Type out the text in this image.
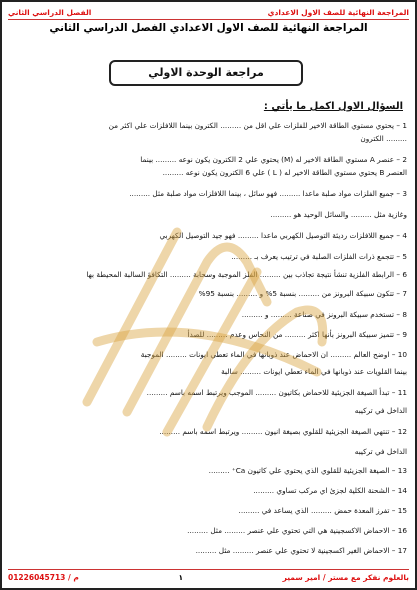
المراجعة النهائية للصف الاول الاعدادي
الفصل الدراسي الثاني
المراجعة النهائية للصف الاول الاعدادي الفصل الدراسي الثاني
مراجعة الوحدة الاولي
السؤال الاول اكمل ما يأتي :
1 – يحتوي مستوي الطاقة الاخير للفلزات علي اقل من ......... الكترون بينما اللافلزات علي اكثر من
......... الكترون
2 – عنصر A مستوي الطاقة الاخير له (M) يحتوي علي 2 الكترون يكون نوعه ......... بينما
العنصر B يحتوي مستوي الطاقة الاخير له ( L ) علي 6 الكترون يكون نوعه .........
3 – جميع الفلزات مواد صلبة ماعدا ......... فهو سائل ، بينما اللافلزات مواد صلبة مثل .........
وغازية مثل ......... والسائل الوحيد هو .........
4 – جميع اللافلزات رديئة التوصيل الكهربي ماعدا ......... فهو جيد التوصيل الكهربي
5 – تتجمع ذرات الفلزات الصلبة في ترتيب يعرف بـ .........
6 – الرابطة الفلزية تنشأ نتيجة تجاذب بين ......... الفلز الموجبة وسحابة ......... التكافؤ السالبة المحيطة بها
7 – تتكون سبيكة البرونز من ......... بنسبة 5% و ......... بنسبة 95%
8 – تستخدم سبيكة البرونز في صناعة ......... و .........
9 – تتميز سبيكة البرونز بأنها اكثر ......... من النحاس وعدم ......... للصدأ
10 – اوضح العالم ......... ان الاحماض عند ذوبانها في الماء تعطي ايونات ......... الموجبة
بينما القلويات عند ذوبانها في الماء تعطي ايونات ......... سالبة
11 – تبدأ الصيغة الجزيئية للاحماض بكاتيون ......... الموجب ويرتبط اسمه باسم .........
الداخل في تركيبه
12 – تنتهي الصيغة الجزيئية للقلوي بصيغة انيون ......... ويرتبط اسمه باسم .........
الداخل في تركيبه
13 – الصيغة الجزيئية للقلوي الذي يحتوي علي كاتيون Ca⁺ .........
14 – الشحنة الكلية لجزئ اي مركب تساوي .........
15 – تفرز المعدة حمض ......... الذي يساعد في .........
16 – الاحماض الاكسجينية هي التي تحتوي علي عنصر ......... مثل .........
17 – الاحماض الغير اكسجينية لا تحتوي علي عنصر ......... مثل .........
بالعلوم نفكر مع مستر / امير سمير
١
م / 01226045713
